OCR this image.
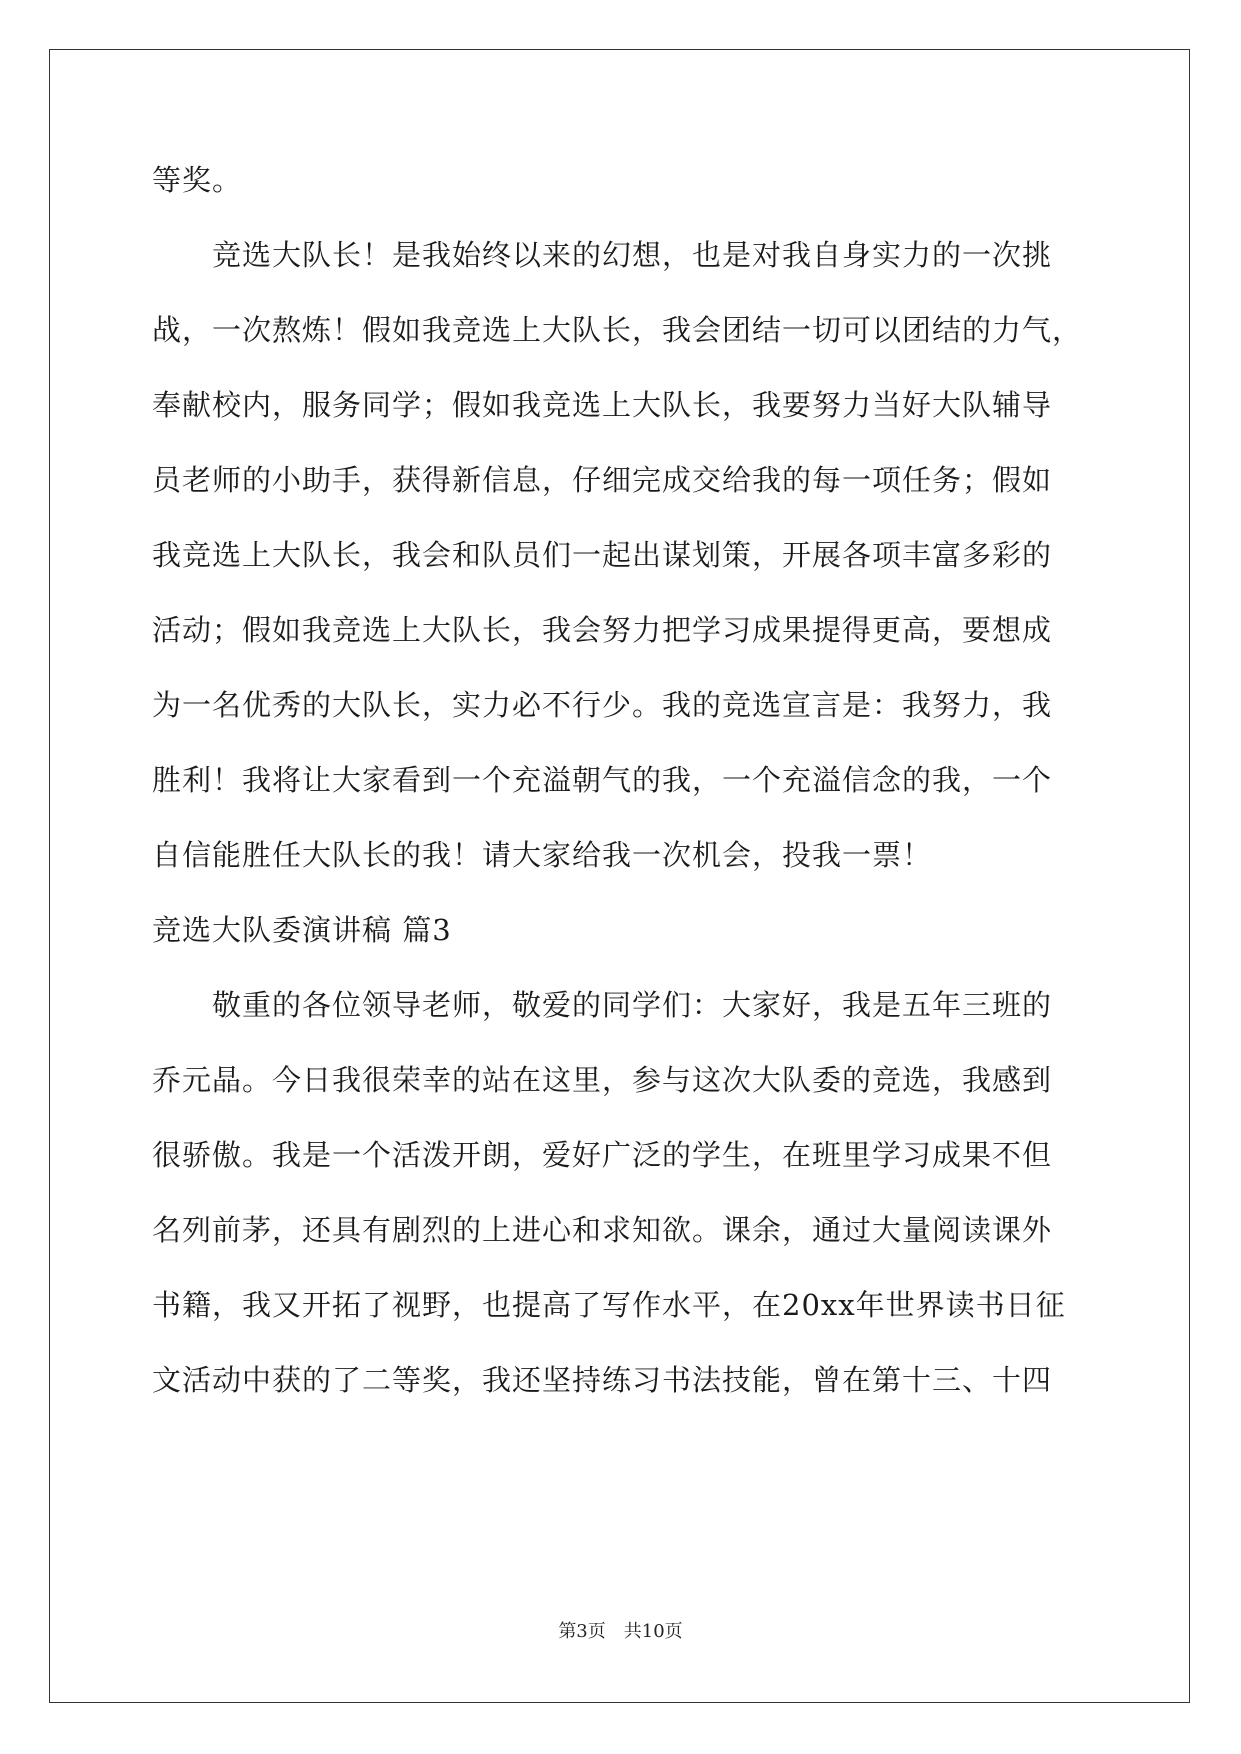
等奖。
　　竞选大队长！是我始终以来的幻想，也是对我自身实力的一次挑
战，一次熬炼！假如我竞选上大队长，我会团结一切可以团结的力气，
奉献校内，服务同学；假如我竞选上大队长，我要努力当好大队辅导
员老师的小助手，获得新信息，仔细完成交给我的每一项任务；假如
我竞选上大队长，我会和队员们一起出谋划策，开展各项丰富多彩的
活动；假如我竞选上大队长，我会努力把学习成果提得更高，要想成
为一名优秀的大队长，实力必不行少。我的竞选宣言是：我努力，我
胜利！我将让大家看到一个充溢朝气的我，一个充溢信念的我，一个
自信能胜任大队长的我！请大家给我一次机会，投我一票！
竞选大队委演讲稿 篇3
　　敬重的各位领导老师，敬爱的同学们：大家好，我是五年三班的
乔元晶。今日我很荣幸的站在这里，参与这次大队委的竞选，我感到
很骄傲。我是一个活泼开朗，爱好广泛的学生，在班里学习成果不但
名列前茅，还具有剧烈的上进心和求知欲。课余，通过大量阅读课外
书籍，我又开拓了视野，也提高了写作水平，在20xx年世界读书日征
文活动中获的了二等奖，我还坚持练习书法技能，曾在第十三、十四
第3页　共10页
